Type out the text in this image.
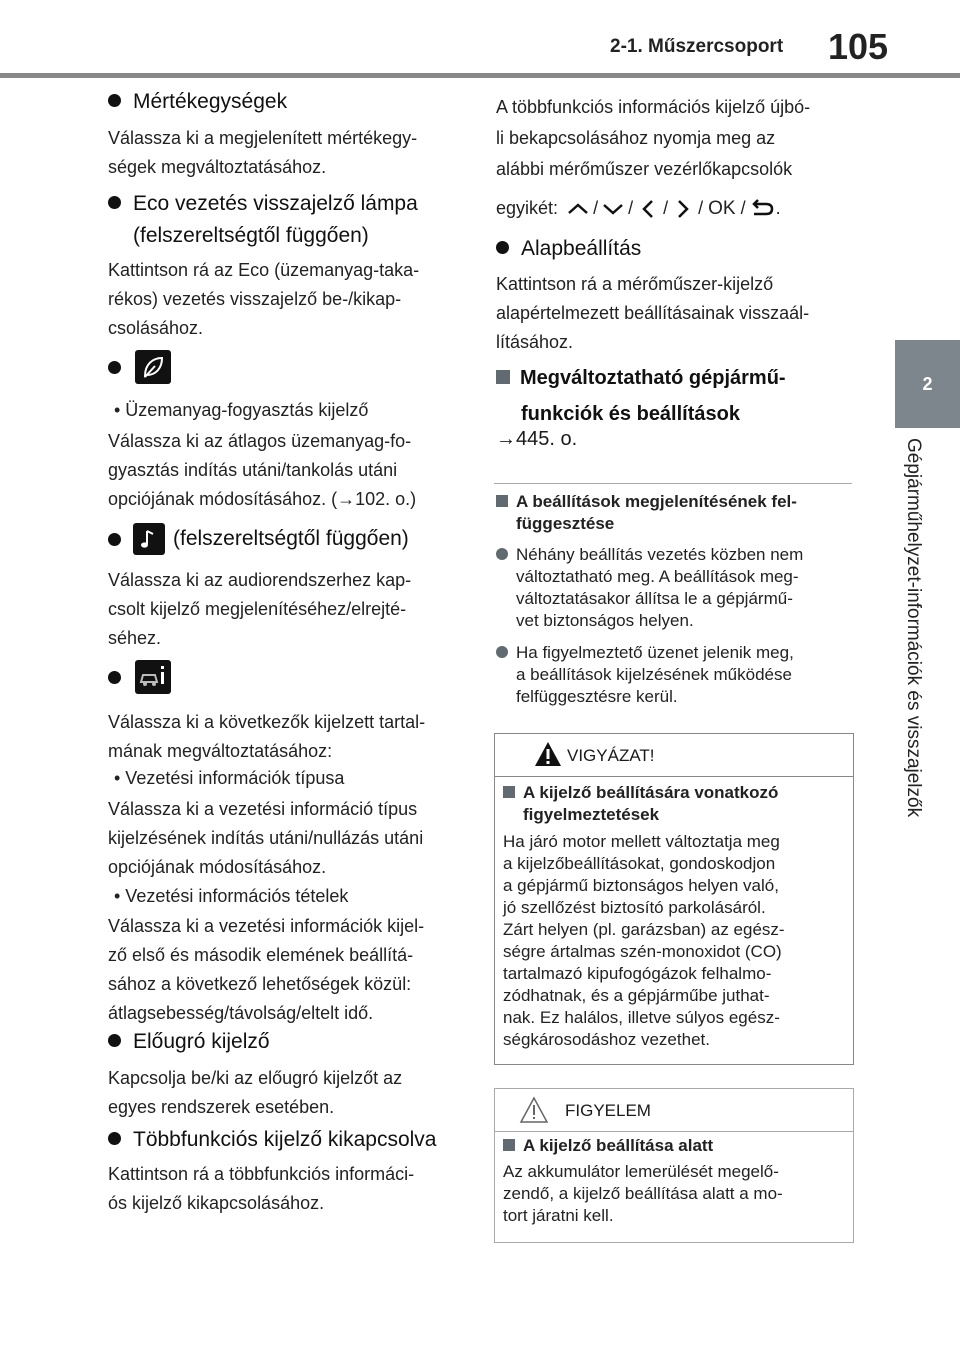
2-1. Műszercsoport 105
2
Gépjárműhelyzet-információk és visszajelzők
Mértékegységek
Válassza ki a megjelenített mértékegy-
ségek megváltoztatásához.
Eco vezetés visszajelző lámpa
(felszereltségtől függően)
Kattintson rá az Eco (üzemanyag-taka-
rékos) vezetés visszajelző be-/kikap-
csolásához.

• Üzemanyag-fogyasztás kijelző
Válassza ki az átlagos üzemanyag-fo-
gyasztás indítás utáni/tankolás utáni
opciójának módosításához. (→102. o.)
(felszereltségtől függően)
Válassza ki az audiorendszerhez kap-
csolt kijelző megjelenítéséhez/elrejté-
séhez.

Válassza ki a következők kijelzett tartal-
mának megváltoztatásához:
• Vezetési információk típusa
Válassza ki a vezetési információ típus
kijelzésének indítás utáni/nullázás utáni
opciójának módosításához.
• Vezetési információs tételek
Válassza ki a vezetési információk kijel-
ző első és második elemének beállítá-
sához a következő lehetőségek közül:
átlagsebesség/távolság/eltelt idő.
Előugró kijelző
Kapcsolja be/ki az előugró kijelzőt az
egyes rendszerek esetében.
Többfunkciós kijelző kikapcsolva
Kattintson rá a többfunkciós informáci-
ós kijelző kikapcsolásához.
A többfunkciós információs kijelző újbó-
li bekapcsolásához nyomja meg az
alábbi mérőműszer vezérlőkapcsolók
egyikét: / /  /  / OK / .
Alapbeállítás
Kattintson rá a mérőműszer-kijelző
alapértelmezett beállításainak visszaál-
lításához.
Megváltoztatható gépjármű-
funkciók és beállítások
→445. o.
A beállítások megjelenítésének fel-
függesztése
Néhány beállítás vezetés közben nem
változtatható meg. A beállítások meg-
változtatásakor állítsa le a gépjármű-
vet biztonságos helyen.
Ha figyelmeztető üzenet jelenik meg,
a beállítások kijelzésének működése
felfüggesztésre kerül.
VIGYÁZAT!
A kijelző beállítására vonatkozó
figyelmeztetések
Ha járó motor mellett változtatja meg
a kijelzőbeállításokat, gondoskodjon
a gépjármű biztonságos helyen való,
jó szellőzést biztosító parkolásáról.
Zárt helyen (pl. garázsban) az egész-
ségre ártalmas szén-monoxidot (CO)
tartalmazó kipufogógázok felhalmo-
zódhatnak, és a gépjárműbe juthat-
nak. Ez halálos, illetve súlyos egész-
ségkárosodáshoz vezethet.
FIGYELEM
A kijelző beállítása alatt
Az akkumulátor lemerülését megelő-
zendő, a kijelző beállítása alatt a mo-
tort járatni kell.
